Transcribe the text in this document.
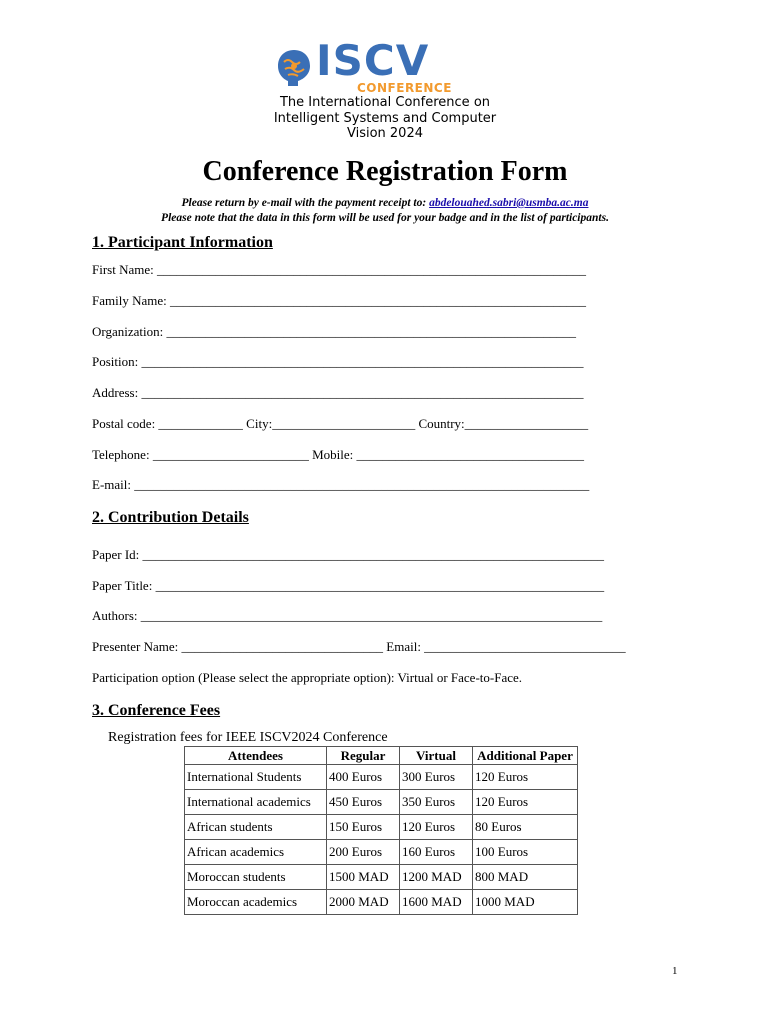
ISCV
CONFERENCE
The International Conference on
Intelligent Systems and Computer
Vision 2024
Conference Registration Form
Please return by e-mail with the payment receipt to: abdelouahed.sabri@usmba.ac.ma
Please note that the data in this form will be used for your badge and in the list of participants.
1. Participant Information
First Name: __________________________________________________________________
Family Name: ________________________________________________________________
Organization: _______________________________________________________________
Position: ____________________________________________________________________
Address: ____________________________________________________________________
Postal code: _____________ City:______________________ Country:___________________
Telephone: ________________________ Mobile: ___________________________________
E-mail: ______________________________________________________________________
2. Contribution Details
Paper Id: _______________________________________________________________________
Paper Title: _____________________________________________________________________
Authors: _______________________________________________________________________
Presenter Name: _______________________________ Email: _______________________________
Participation option (Please select the appropriate option): Virtual or Face-to-Face.
3. Conference Fees
Registration fees for IEEE ISCV2024 Conference
Attendees	Regular	Virtual	Additional Paper
International Students	400 Euros	300 Euros	120 Euros
International academics	450 Euros	350 Euros	120 Euros
African students	150 Euros	120 Euros	80 Euros
African academics	200 Euros	160 Euros	100 Euros
Moroccan students	1500 MAD	1200 MAD	800 MAD
Moroccan academics	2000 MAD	1600 MAD	1000 MAD
1
